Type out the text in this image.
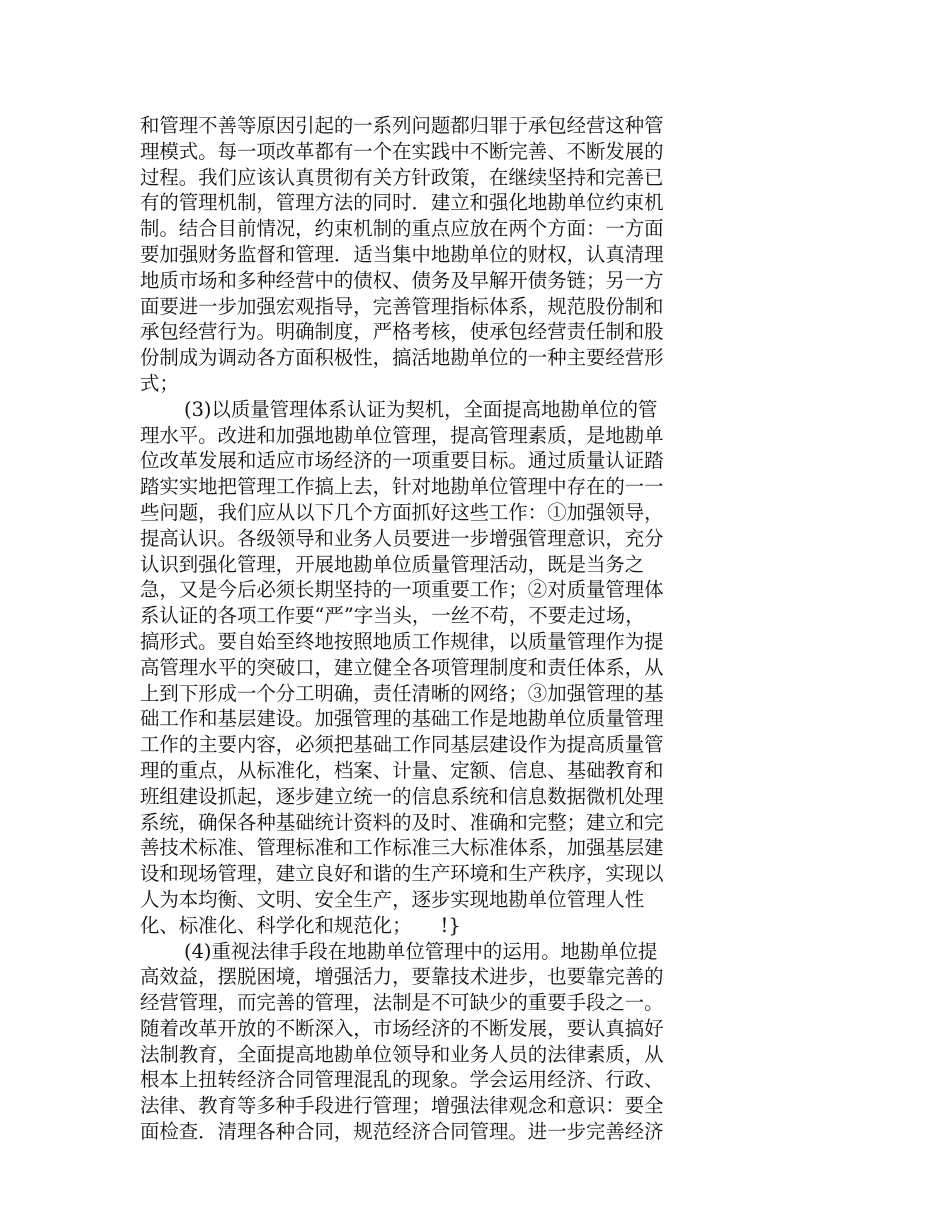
和管理不善等原因引起的一系列问题都归罪于承包经营这种管
理模式。每一项改革都有一个在实践中不断完善、不断发展的
过程。我们应该认真贯彻有关方针政策，在继续坚持和完善已
有的管理机制，管理方法的同时．建立和强化地勘单位约束机
制。结合目前情况，约束机制的重点应放在两个方面：一方面
要加强财务监督和管理．适当集中地勘单位的财权，认真清理
地质市场和多种经营中的债权、债务及早解开债务链；另一方
面要进一步加强宏观指导，完善管理指标体系，规范股份制和
承包经营行为。明确制度，严格考核，使承包经营责任制和股
份制成为调动各方面积极性，搞活地勘单位的一种主要经营形
式；
(3)以质量管理体系认证为契机，全面提高地勘单位的管
理水平。改进和加强地勘单位管理，提高管理素质，是地勘单
位改革发展和适应市场经济的一项重要目标。通过质量认证踏
踏实实地把管理工作搞上去，针对地勘单位管理中存在的一一
些问题，我们应从以下几个方面抓好这些工作：①加强领导，
提高认识。各级领导和业务人员要进一步增强管理意识，充分
认识到强化管理，开展地勘单位质量管理活动，既是当务之
急，又是今后必须长期坚持的一项重要工作；②对质量管理体
系认证的各项工作要“严”字当头，一丝不苟，不要走过场，
搞形式。要自始至终地按照地质工作规律，以质量管理作为提
高管理水平的突破口，建立健全各项管理制度和责任体系，从
上到下形成一个分工明确，责任清晰的网络；③加强管理的基
础工作和基层建设。加强管理的基础工作是地勘单位质量管理
工作的主要内容，必须把基础工作同基层建设作为提高质量管
理的重点，从标准化，档案、计量、定额、信息、基础教育和
班组建设抓起，逐步建立统一的信息系统和信息数据微机处理
系统，确保各种基础统计资料的及时、准确和完整；建立和完
善技术标准、管理标准和工作标准三大标准体系，加强基层建
设和现场管理，建立良好和谐的生产环境和生产秩序，实现以
人为本均衡、文明、安全生产，逐步实现地勘单位管理人性
化、标准化、科学化和规范化；　　!}
(4)重视法律手段在地勘单位管理中的运用。地勘单位提
高效益，摆脱困境，增强活力，要靠技术进步，也要靠完善的
经营管理，而完善的管理，法制是不可缺少的重要手段之一。
随着改革开放的不断深入，市场经济的不断发展，要认真搞好
法制教育，全面提高地勘单位领导和业务人员的法律素质，从
根本上扭转经济合同管理混乱的现象。学会运用经济、行政、
法律、教育等多种手段进行管理；增强法律观念和意识：要全
面检查．清理各种合同，规范经济合同管理。进一步完善经济
